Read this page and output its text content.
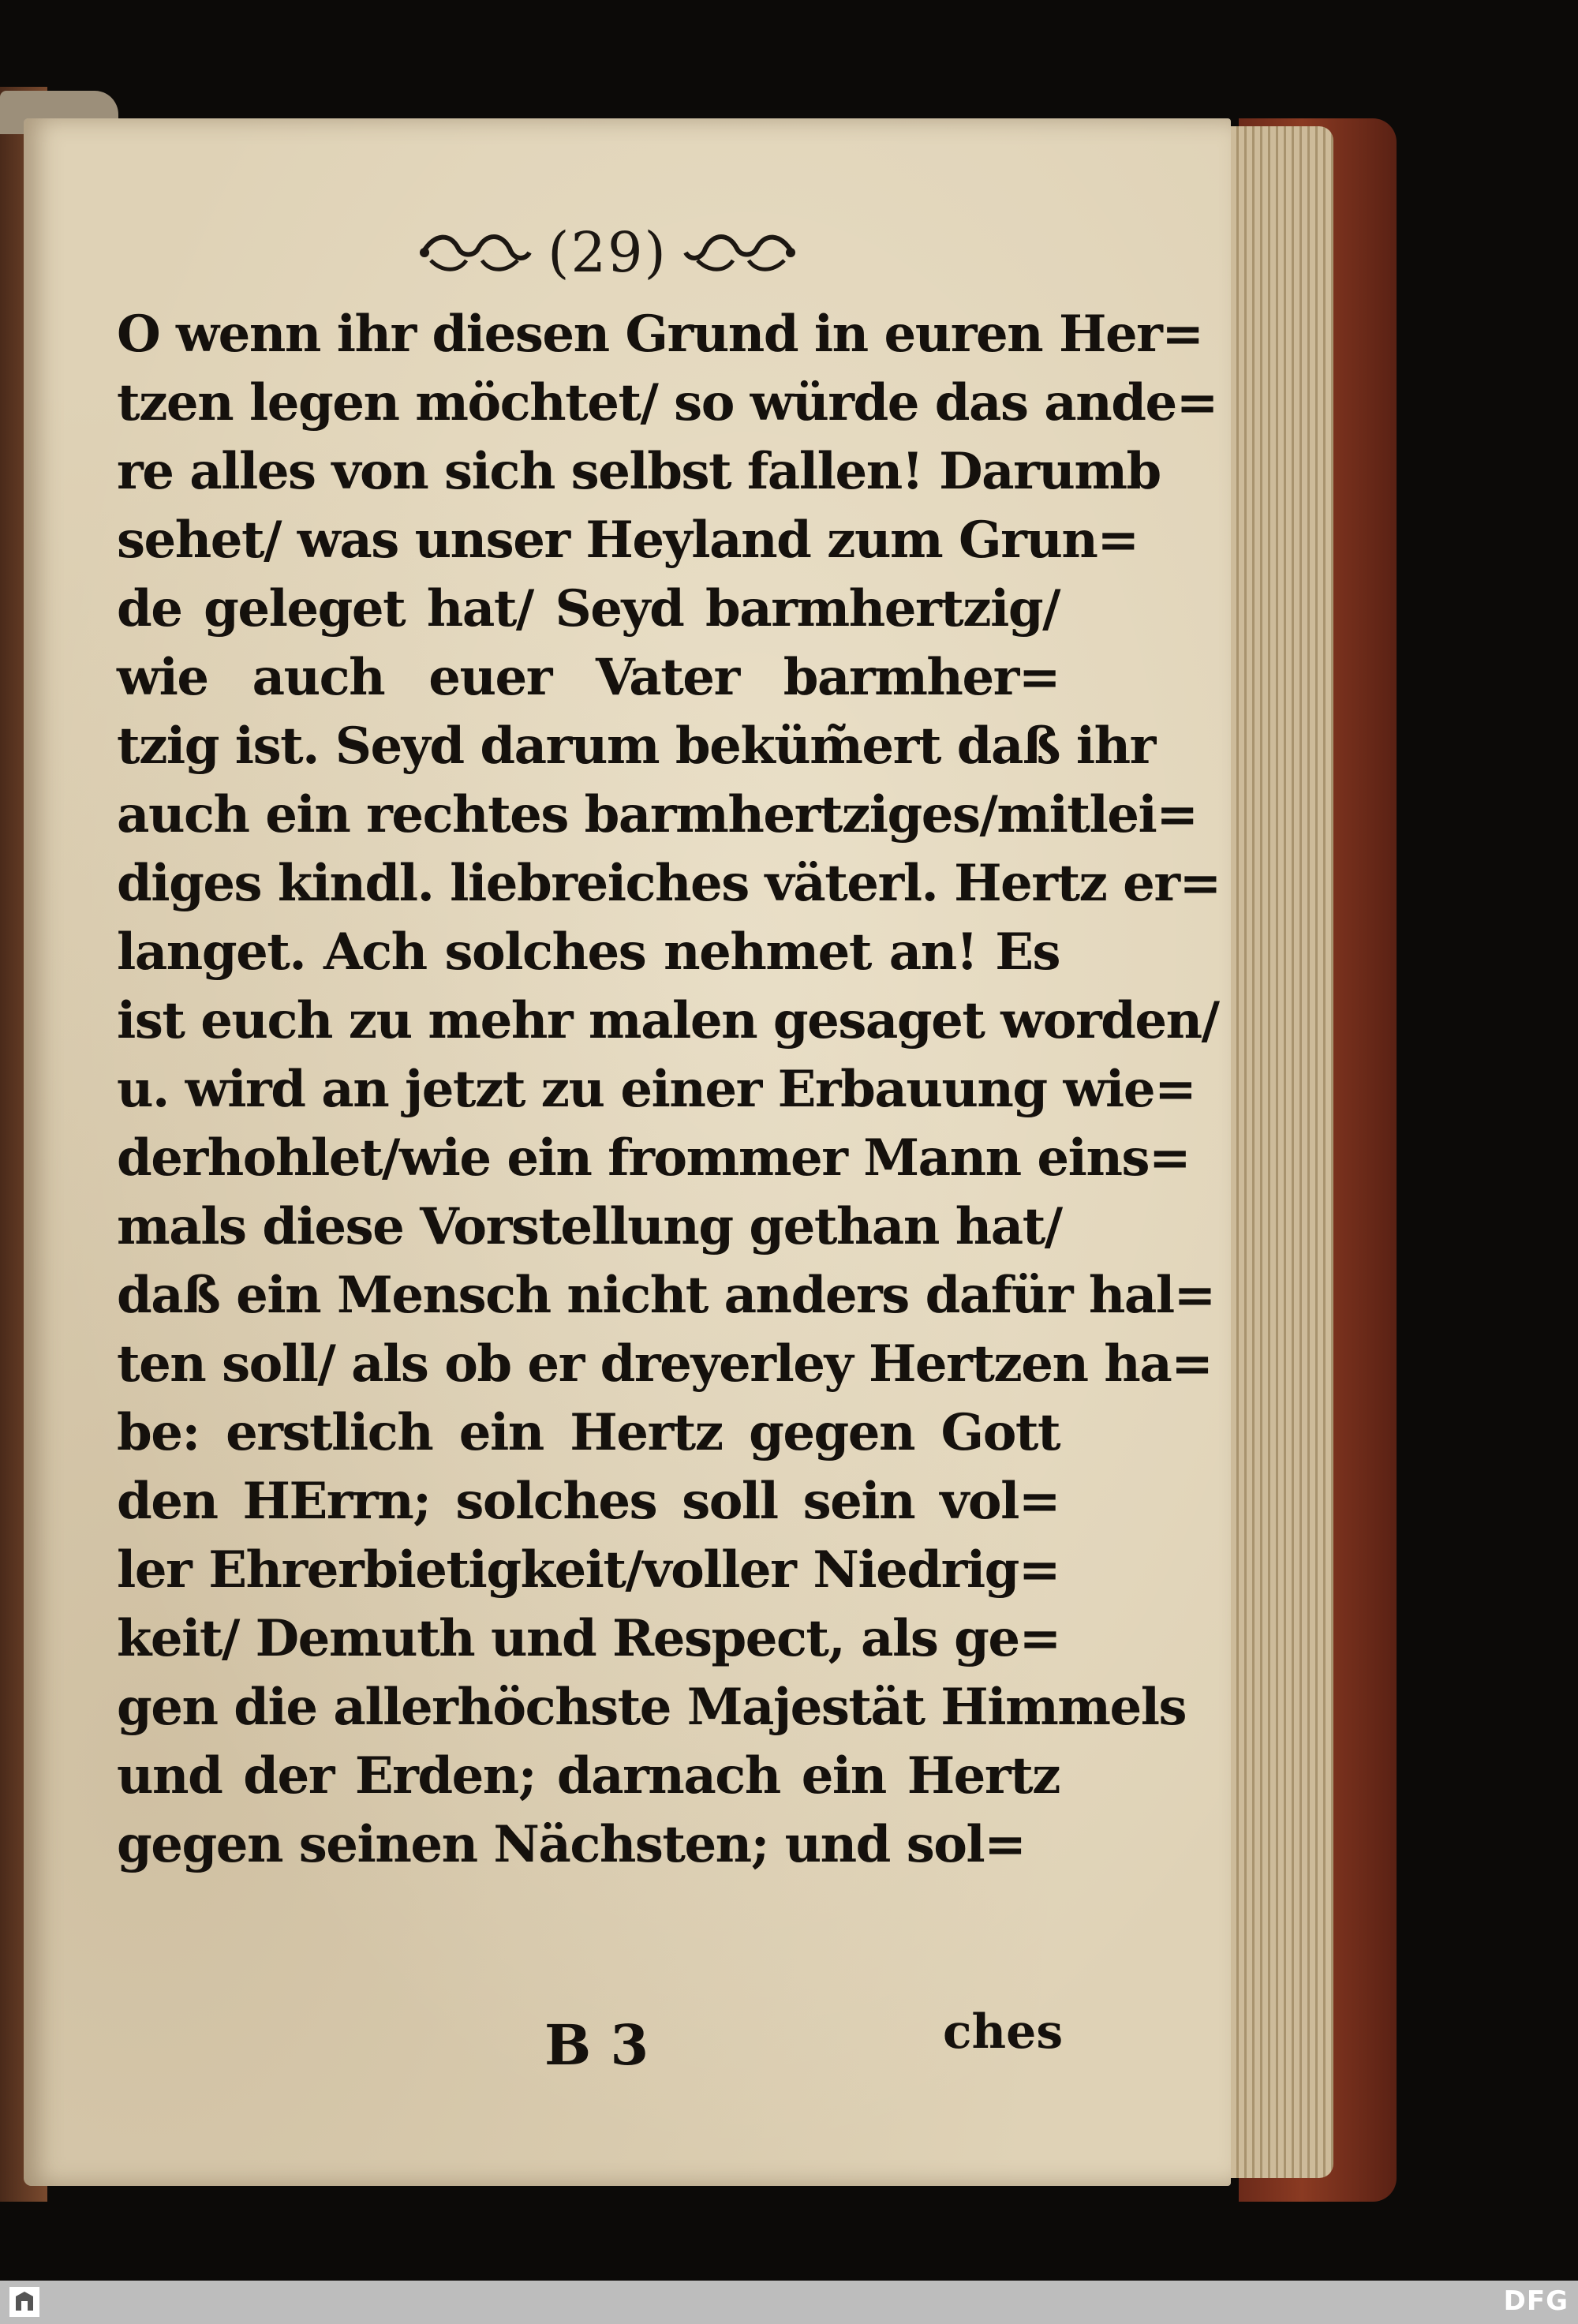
(29)
O wenn ihr diesen Grund in euren Her=
tzen legen möchtet/ so würde das ande=
re alles von sich selbst fallen! Darumb
sehet/ was unser Heyland zum Grun=
de geleget hat/ Seyd barmhertzig/
wie auch euer Vater barmher=
tzig ist. Seyd darum beküm̃ert daß ihr
auch ein rechtes barmhertziges/mitlei=
diges kindl. liebreiches väterl. Hertz er=
langet. Ach solches nehmet an! Es
ist euch zu mehr malen gesaget worden/
u. wird an jetzt zu einer Erbauung wie=
derhohlet/wie ein frommer Mann eins=
mals diese Vorstellung gethan hat/
daß ein Mensch nicht anders dafür hal=
ten soll/ als ob er dreyerley Hertzen ha=
be: erstlich ein Hertz gegen Gott
den HErrn; solches soll sein vol=
ler Ehrerbietigkeit/voller Niedrig=
keit/ Demuth und Respect, als ge=
gen die allerhöchste Majestät Himmels
und der Erden; darnach ein Hertz
gegen seinen Nächsten; und sol=
B 3	ches
DFG
